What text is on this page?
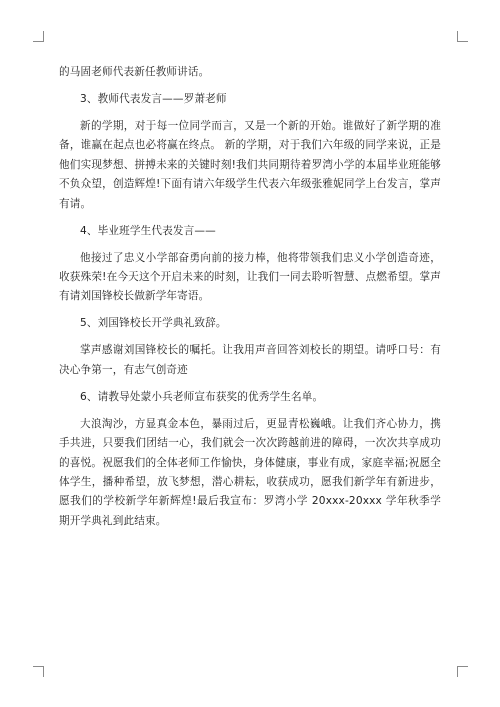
的马固老师代表新任教师讲话。

3、教师代表发言——罗萧老师

新的学期，对于每一位同学而言，又是一个新的开始。谁做好了新学期的准备，谁赢在起点也必将赢在终点。 新的学期，对于我们六年级的同学来说，正是他们实现梦想、拼搏未来的关键时刻!我们共同期待着罗湾小学的本届毕业班能够不负众望，创造辉煌!下面有请六年级学生代表六年级张雅妮同学上台发言，掌声有请。

4、毕业班学生代表发言——

他接过了忠义小学部奋勇向前的接力棒，他将带领我们忠义小学创造奇迹，收获殊荣!在今天这个开启未来的时刻，让我们一同去聆听智慧、点燃希望。掌声有请刘国锋校长做新学年寄语。

5、刘国锋校长开学典礼致辞。

掌声感谢刘国锋校长的嘱托。让我用声音回答刘校长的期望。请呼口号：有决心争第一，有志气创奇迹

6、请教导处蒙小兵老师宣布获奖的优秀学生名单。

大浪淘沙，方显真金本色，暴雨过后，更显青松巍峨。让我们齐心协力，携手共进，只要我们团结一心，我们就会一次次跨越前进的障碍，一次次共享成功的喜悦。祝愿我们的全体老师工作愉快，身体健康，事业有成，家庭幸福;祝愿全体学生，播种希望，放飞梦想，潜心耕耘，收获成功，愿我们新学年有新进步，愿我们的学校新学年新辉煌!最后我宣布：罗湾小学 20xxx-20xxx 学年秋季学期开学典礼到此结束。
